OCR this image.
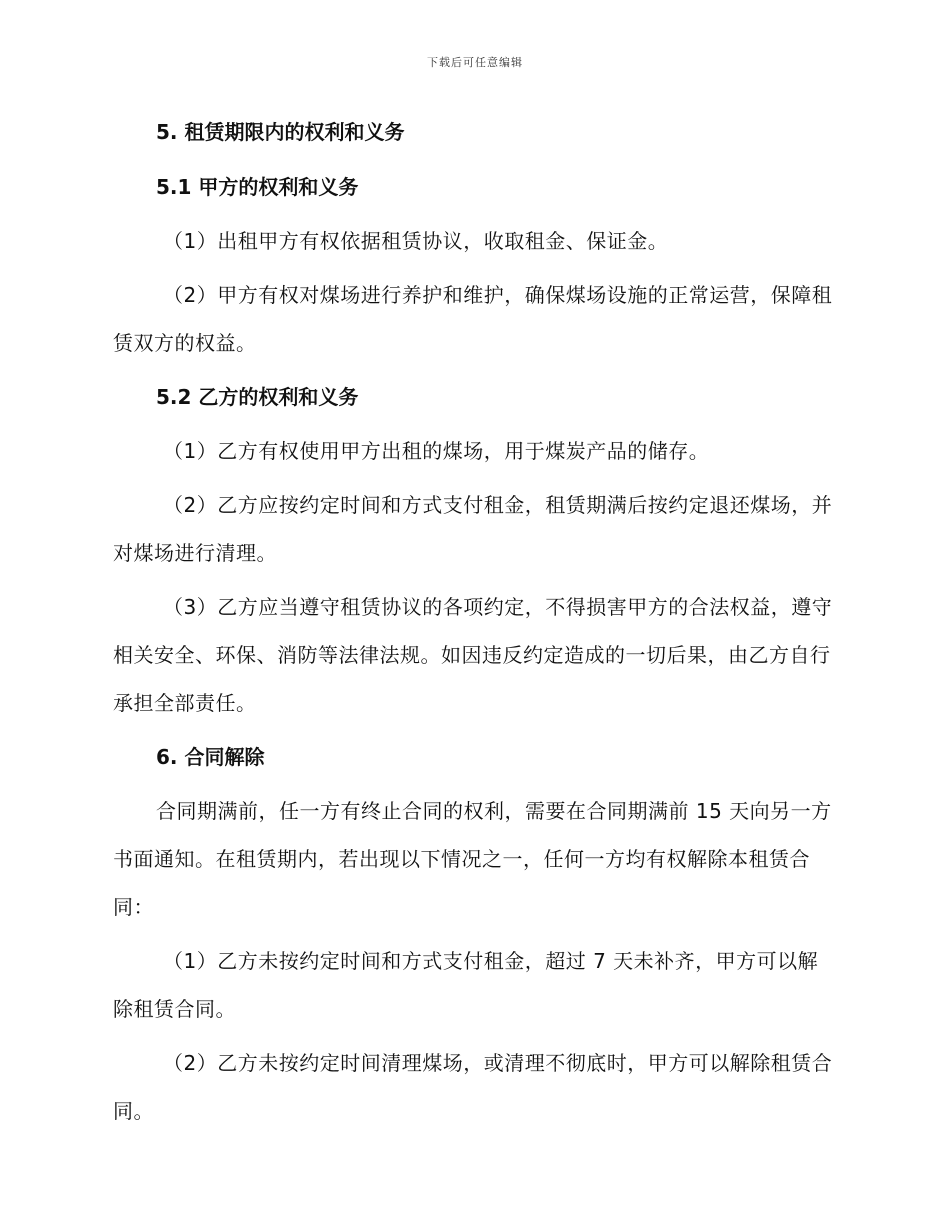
下载后可任意编辑
5. 租赁期限内的权利和义务
5.1 甲方的权利和义务

（1）出租甲方有权依据租赁协议，收取租金、保证金。

（2）甲方有权对煤场进行养护和维护，确保煤场设施的正常运营，保障租赁双方的权益。

5.2 乙方的权利和义务

（1）乙方有权使用甲方出租的煤场，用于煤炭产品的储存。

（2）乙方应按约定时间和方式支付租金，租赁期满后按约定退还煤场，并对煤场进行清理。

（3）乙方应当遵守租赁协议的各项约定，不得损害甲方的合法权益，遵守相关安全、环保、消防等法律法规。如因违反约定造成的一切后果，由乙方自行承担全部责任。

6. 合同解除

合同期满前，任一方有终止合同的权利，需要在合同期满前 15 天向另一方书面通知。在租赁期内，若出现以下情况之一，任何一方均有权解除本租赁合同：

（1）乙方未按约定时间和方式支付租金，超过 7 天未补齐，甲方可以解除租赁合同。

（2）乙方未按约定时间清理煤场，或清理不彻底时，甲方可以解除租赁合同。
